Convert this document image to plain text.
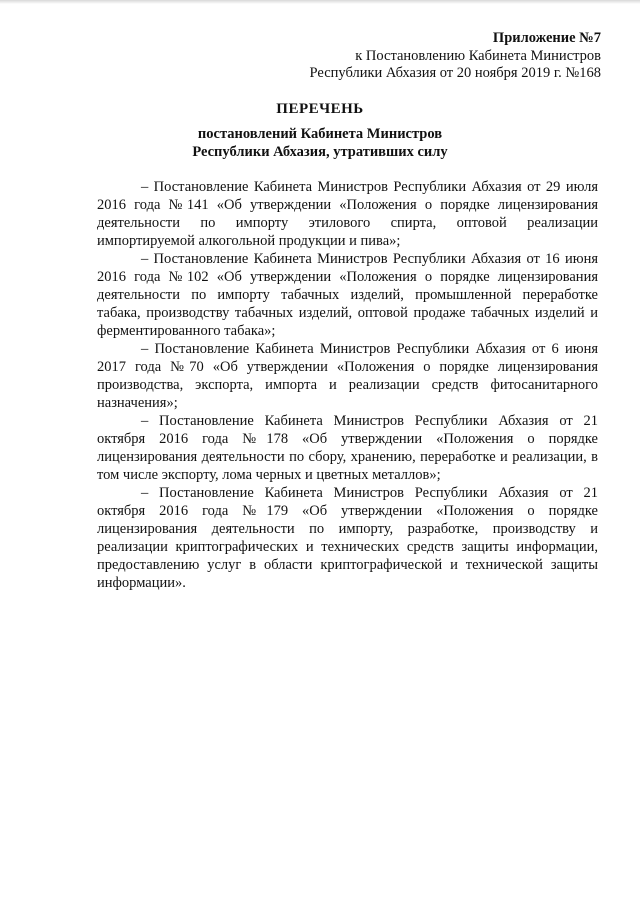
Приложение №7
к Постановлению Кабинета Министров
Республики Абхазия от 20 ноября 2019 г. №168
ПЕРЕЧЕНЬ
постановлений Кабинета Министров
Республики Абхазия, утративших силу

– Постановление Кабинета Министров Республики Абхазия от 29 июля 2016 года №141 «Об утверждении «Положения о порядке лицензирования деятельности по импорту этилового спирта, оптовой реализации импортируемой алкогольной продукции и пива»;

– Постановление Кабинета Министров Республики Абхазия от 16 июня 2016 года №102 «Об утверждении «Положения о порядке лицензирования деятельности по импорту табачных изделий, промышленной переработке табака, производству табачных изделий, оптовой продаже табачных изделий и ферментированного табака»;

– Постановление Кабинета Министров Республики Абхазия от 6 июня 2017 года №70 «Об утверждении «Положения о порядке лицензирования производства, экспорта, импорта и реализации средств фитосанитарного назначения»;

– Постановление Кабинета Министров Республики Абхазия от 21 октября 2016 года №178 «Об утверждении «Положения о порядке лицензирования деятельности по сбору, хранению, переработке и реализации, в том числе экспорту, лома черных и цветных металлов»;

– Постановление Кабинета Министров Республики Абхазия от 21 октября 2016 года №179 «Об утверждении «Положения о порядке лицензирования деятельности по импорту, разработке, производству и реализации криптографических и технических средств защиты информации, предоставлению услуг в области криптографической и технической защиты информации».
